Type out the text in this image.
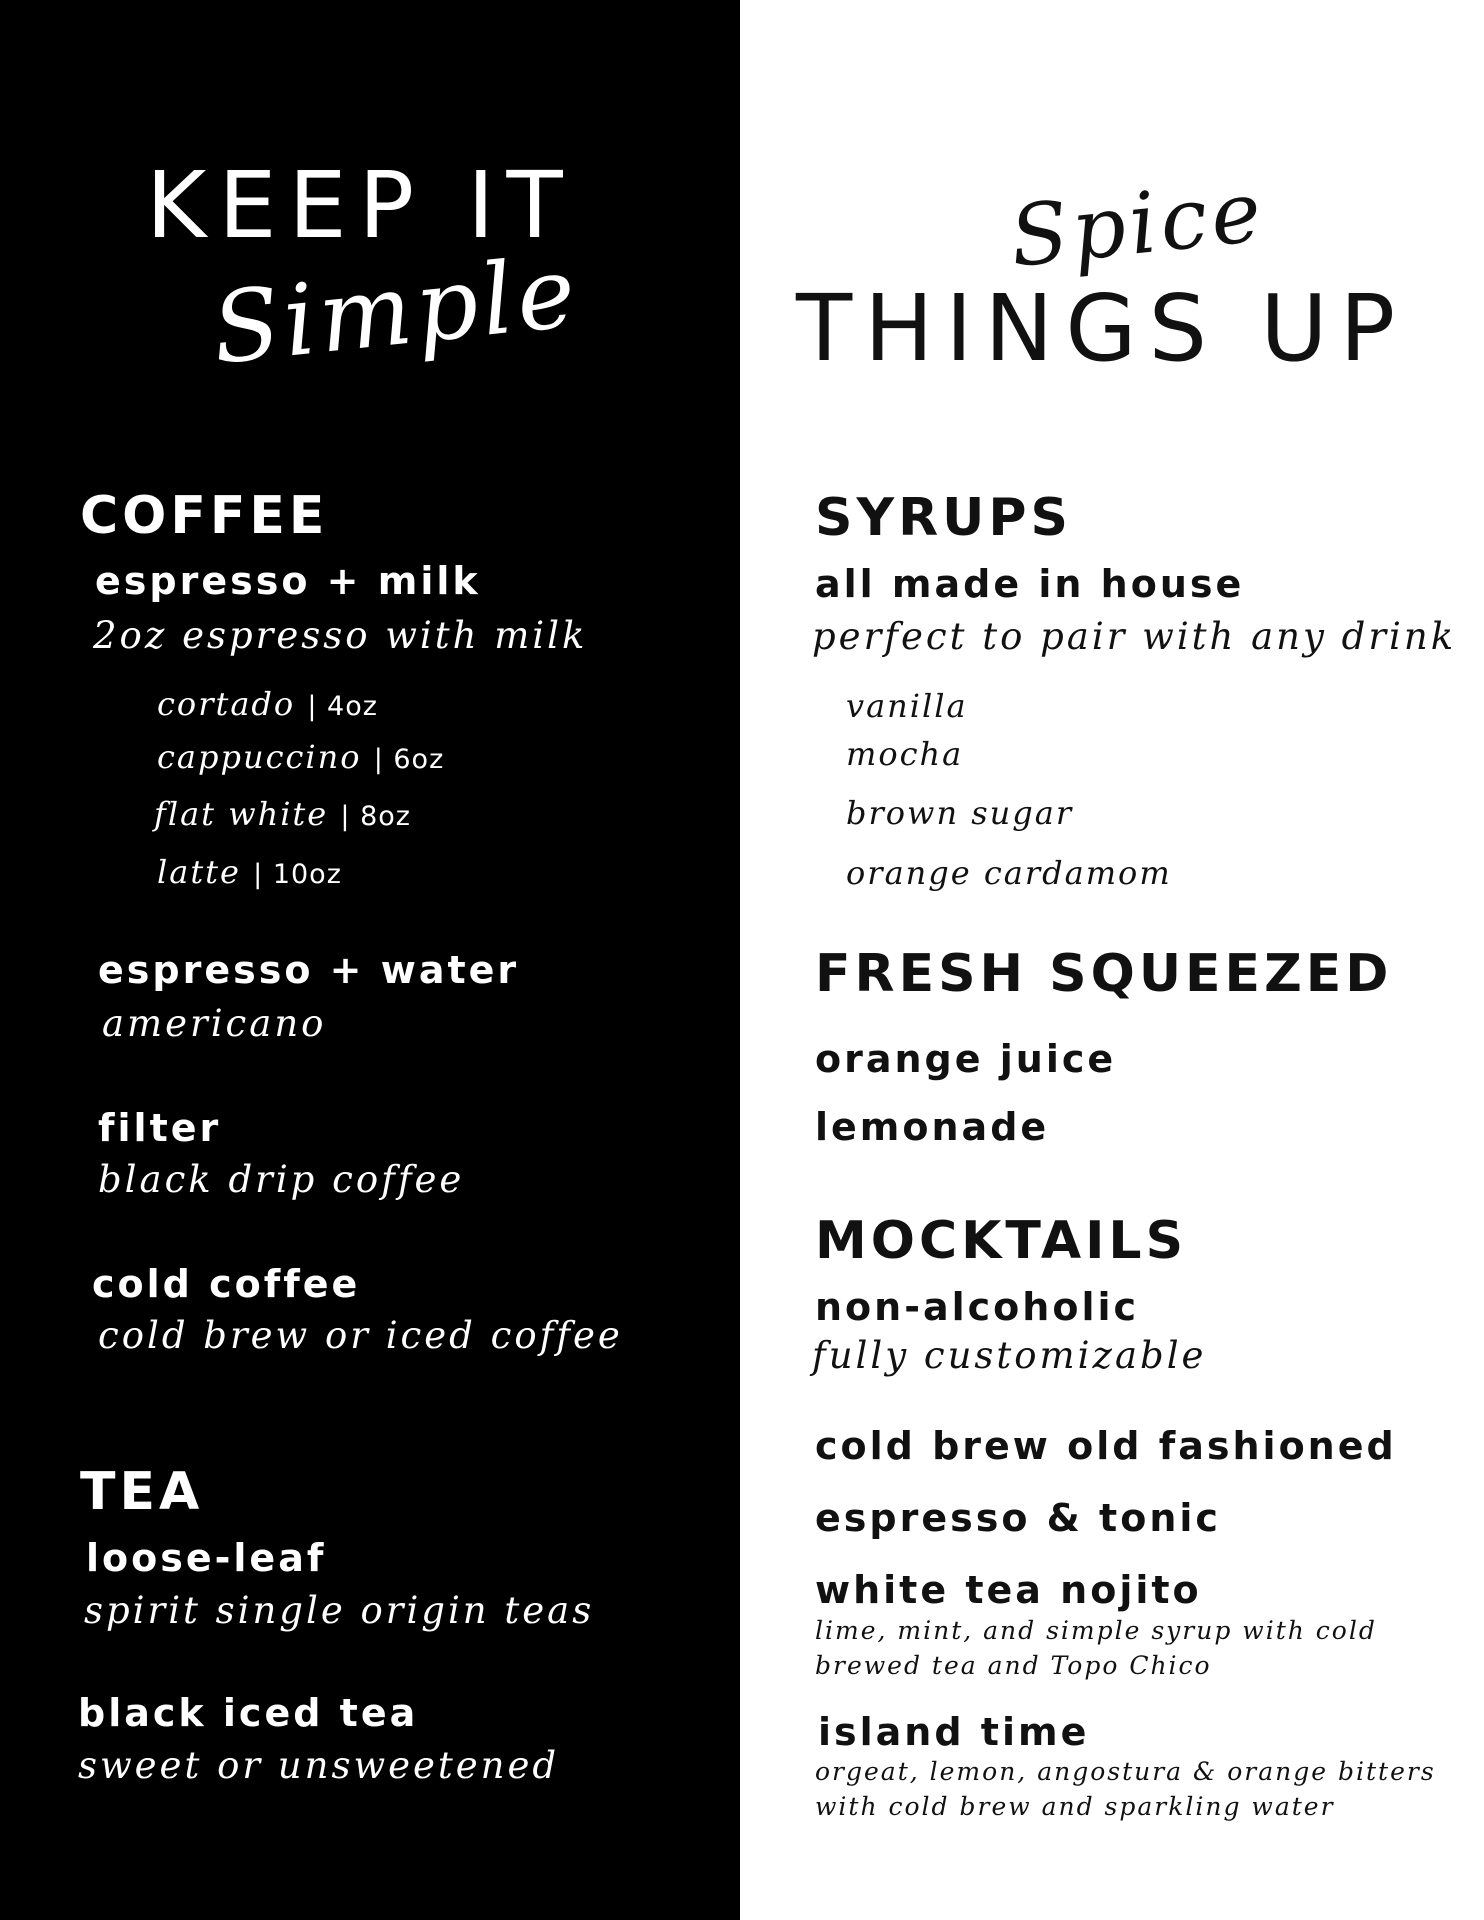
KEEP IT
Simple
COFFEE
espresso + milk
2oz espresso with milk
cortado | 4oz
cappuccino | 6oz
flat white | 8oz
latte | 10oz
espresso + water
americano
filter
black drip coffee
cold coffee
cold brew or iced coffee
TEA
loose-leaf
spirit single origin teas
black iced tea
sweet or unsweetened
Spice
THINGS UP
SYRUPS
all made in house
perfect to pair with any drink
vanilla
mocha
brown sugar
orange cardamom
FRESH SQUEEZED
orange juice
lemonade
MOCKTAILS
non-alcoholic
fully customizable
cold brew old fashioned
espresso & tonic
white tea nojito
lime, mint, and simple syrup with cold brewed tea and Topo Chico
island time
orgeat, lemon, angostura & orange bitters with cold brew and sparkling water
